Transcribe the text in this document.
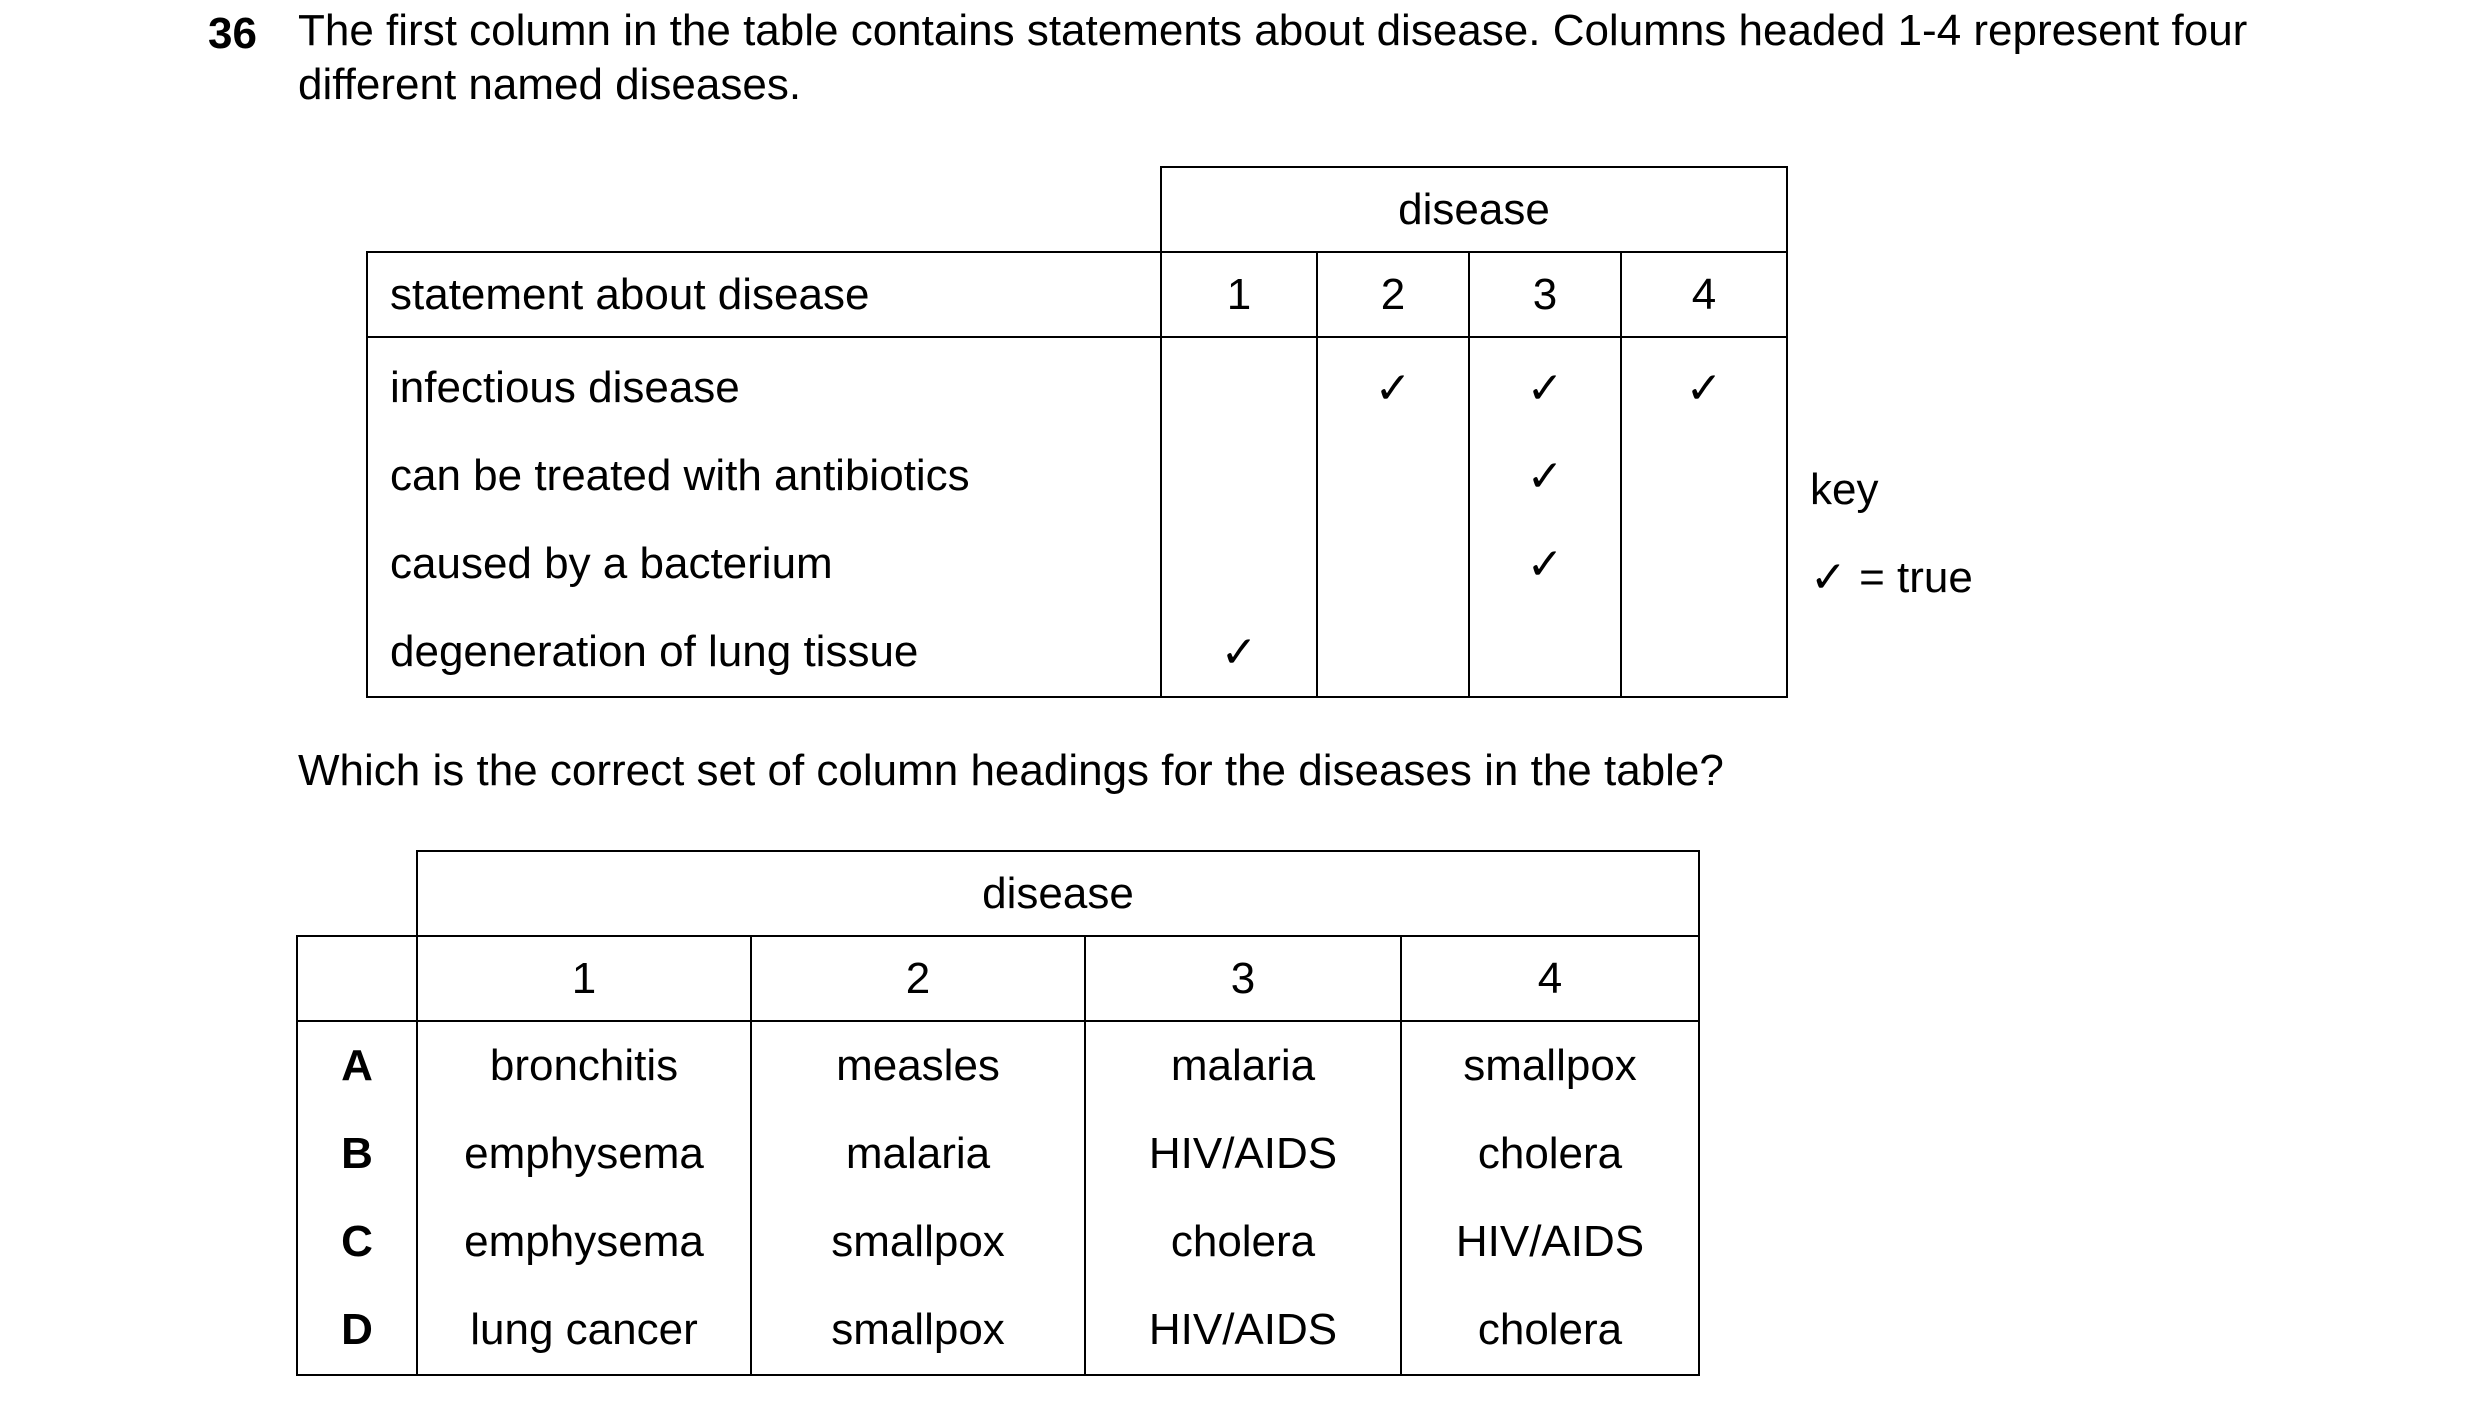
36 The first column in the table contains statements about disease. Columns headed 1-4 represent four different named diseases.
	disease			
statement about disease	1	2	3	4
infectious disease		✓	✓	✓
can be treated with antibiotics			✓	
caused by a bacterium			✓	
degeneration of lung tissue	✓			
key
✓ = true
Which is the correct set of column headings for the diseases in the table?
	disease			
	1	2	3	4
A	bronchitis	measles	malaria	smallpox
B	emphysema	malaria	HIV/AIDS	cholera
C	emphysema	smallpox	cholera	HIV/AIDS
D	lung cancer	smallpox	HIV/AIDS	cholera
